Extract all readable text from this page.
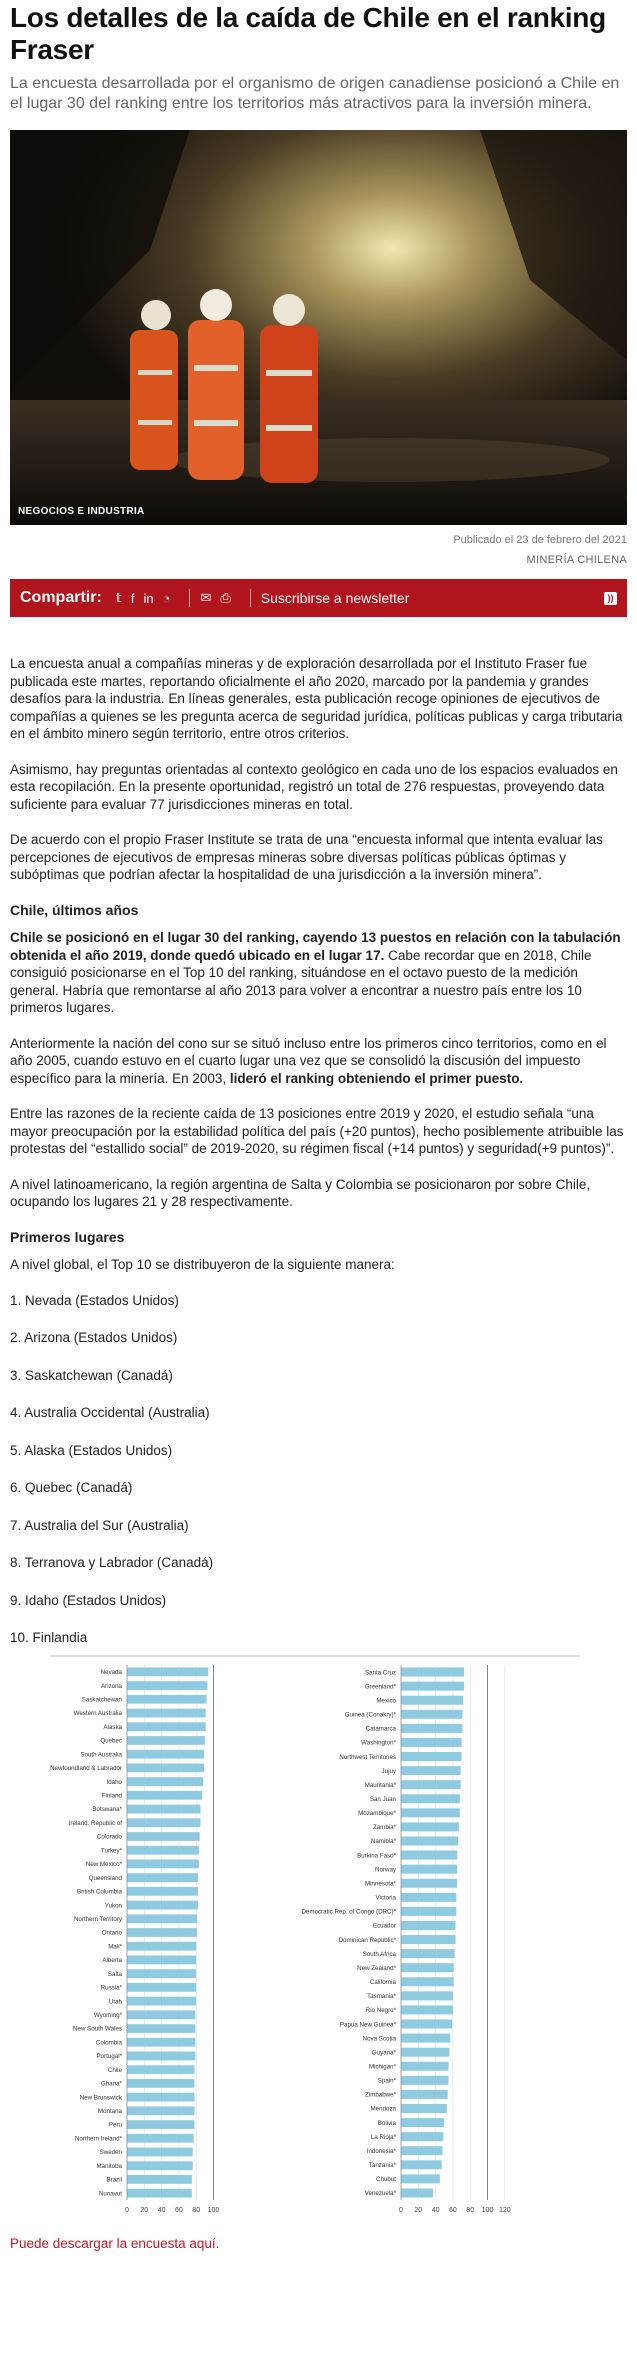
Los detalles de la caída de Chile en el ranking Fraser

La encuesta desarrollada por el organismo de origen canadiense posicionó a Chile en el lugar 30 del ranking entre los territorios más atractivos para la inversión minera.

NEGOCIOS E INDUSTRIA
Publicado el 23 de febrero del 2021
MINERÍA CHILENA
Compartir: 𝕥 f in ◔ ✉ ⎙ Suscribirse a newsletter	))

La encuesta anual a compañías mineras y de exploración desarrollada por el Instituto Fraser fue publicada este martes, reportando oficialmente el año 2020, marcado por la pandemia y grandes desafíos para la industria. En líneas generales, esta publicación recoge opiniones de ejecutivos de compañías a quienes se les pregunta acerca de seguridad jurídica, políticas publicas y carga tributaria en el ámbito minero según territorio, entre otros criterios.

Asimismo, hay preguntas orientadas al contexto geológico en cada uno de los espacios evaluados en esta recopilación. En la presente oportunidad, registró un total de 276 respuestas, proveyendo data suficiente para evaluar 77 jurisdicciones mineras en total.

De acuerdo con el propio Fraser Institute se trata de una “encuesta informal que intenta evaluar las percepciones de ejecutivos de empresas mineras sobre diversas políticas públicas óptimas y subóptimas que podrían afectar la hospitalidad de una jurisdicción a la inversión minera”.

Chile, últimos años

Chile se posicionó en el lugar 30 del ranking, cayendo 13 puestos en relación con la tabulación obtenida el año 2019, donde quedó ubicado en el lugar 17. Cabe recordar que en 2018, Chile consiguió posicionarse en el Top 10 del ranking, situándose en el octavo puesto de la medición general. Habría que remontarse al año 2013 para volver a encontrar a nuestro país entre los 10 primeros lugares.

Anteriormente la nación del cono sur se situó incluso entre los primeros cinco territorios, como en el año 2005, cuando estuvo en el cuarto lugar una vez que se consolidó la discusión del impuesto específico para la minería. En 2003, lideró el ranking obteniendo el primer puesto.

Entre las razones de la reciente caída de 13 posiciones entre 2019 y 2020, el estudio señala “una mayor preocupación por la estabilidad política del país (+20 puntos), hecho posiblemente atribuible las protestas del “estallido social” de 2019-2020, su régimen fiscal (+14 puntos) y seguridad(+9 puntos)”.

A nivel latinoamericano, la región argentina de Salta y Colombia se posicionaron por sobre Chile, ocupando los lugares 21 y 28 respectivamente.

Primeros lugares

A nivel global, el Top 10 se distribuyeron de la siguiente manera:

1. Nevada (Estados Unidos)
2. Arizona (Estados Unidos)
3. Saskatchewan (Canadá)
4. Australia Occidental (Australia)
5. Alaska (Estados Unidos)
6. Quebec (Canadá)
7. Australia del Sur (Australia)
8. Terranova y Labrador (Canadá)
9. Idaho (Estados Unidos)
10. Finlandia
0 20 40 60 80 100
Nevada
Arizona
Saskatchewan
Western Australia
Alaska
Quebec
South Australia
Newfoundland & Labrador
Idaho
Finland
Botswana*
Ireland, Republic of
Colorado
Turkey*
New Mexico*
Queensland
British Columbia
Yukon
Northern Territory
Ontario
Mali*
Alberta
Salta
Russia*
Utah
Wyoming*
New South Wales
Colombia
Portugal*
Chile
Ghana*
New Brunswick
Montana
Peru
Northern Ireland*
Sweden
Manitoba
Brazil
Nunavut
0 20 40 60 80 100 120
Santa Cruz
Greenland*
Mexico
Guinea (Conakry)*
Catamarca
Washington*
Northwest Territories
Jujuy
Mauritania*
San Juan
Mozambique*
Zambia*
Namibia*
Burkina Faso*
Norway
Minnesota*
Victoria
Democratic Rep. of Congo (DRC)*
Ecuador
Dominican Republic*
South Africa
New Zealand*
California
Tasmania*
Rio Negro*
Papua New Guinea*
Nova Scotia
Guyana*
Michigan*
Spain*
Zimbabwe*
Mendoza
Bolivia
La Rioja*
Indonesia*
Tanzania*
Chubut
Venezuela*
Puede descargar la encuesta aquí.
